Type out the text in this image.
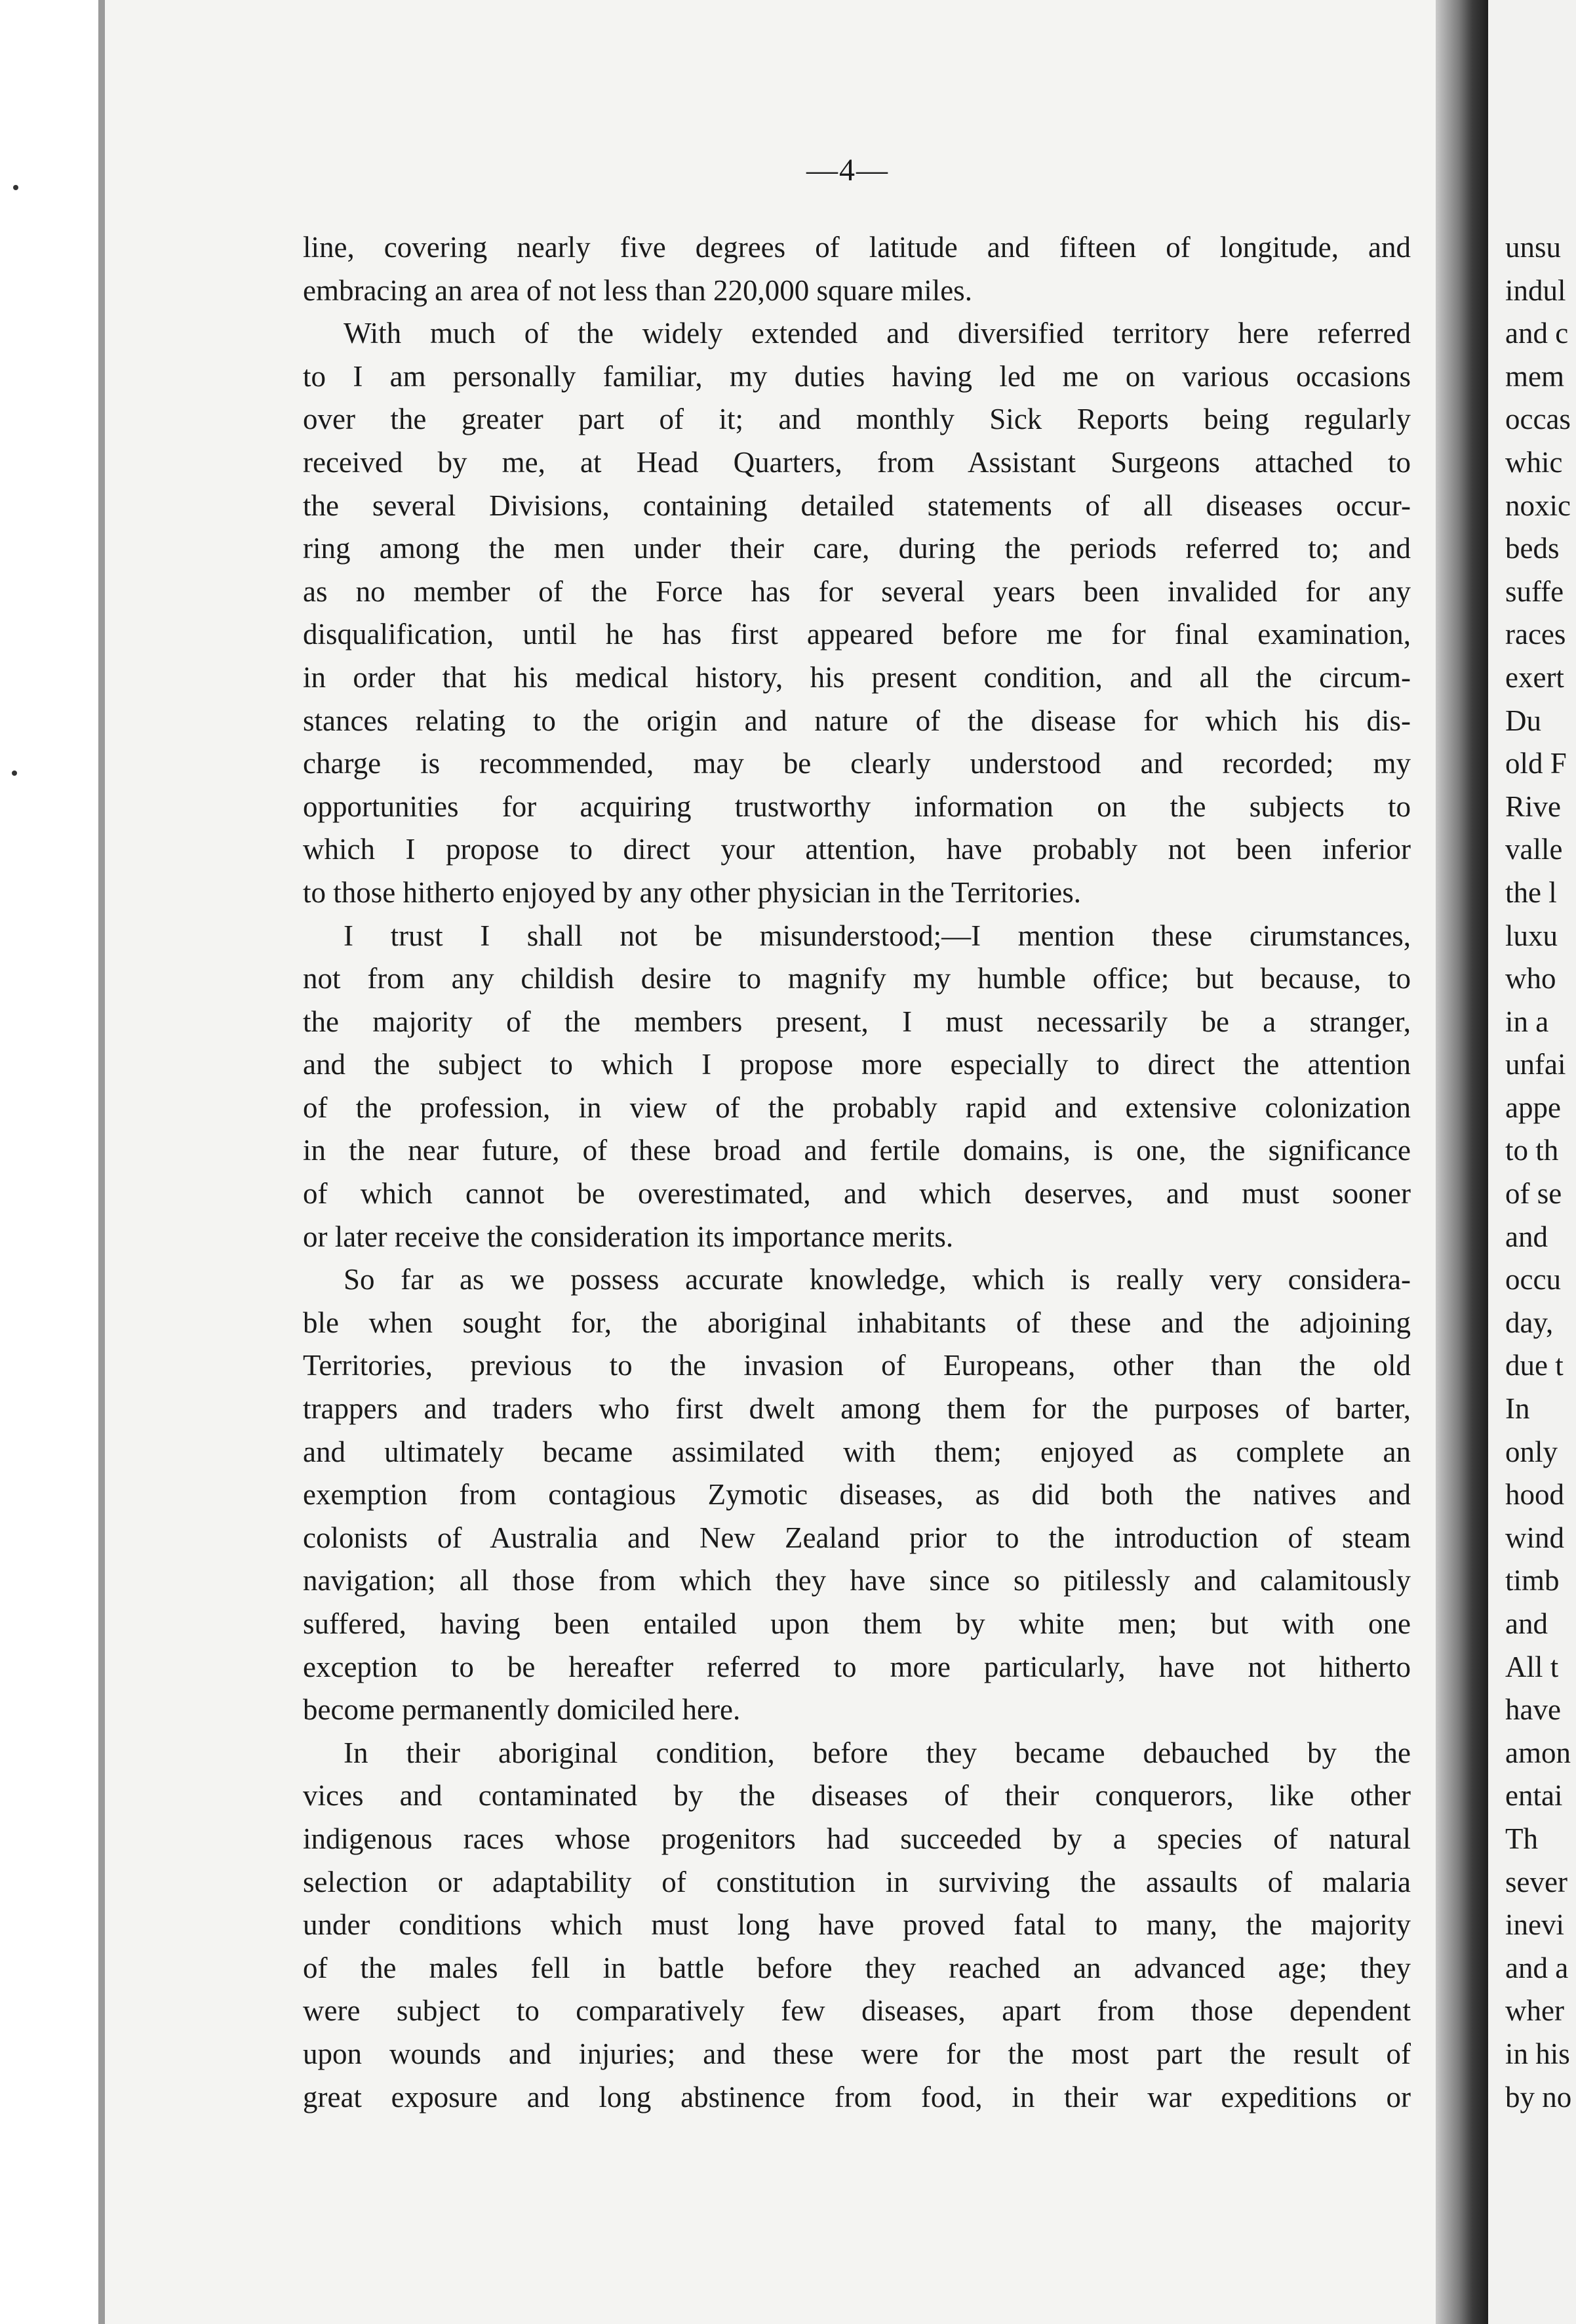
—4—
line, covering nearly five degrees of latitude and fifteen of longitude, and
embracing an area of not less than 220,000 square miles.
With much of the widely extended and diversified territory here referred
to I am personally familiar, my duties having led me on various occasions
over the greater part of it; and monthly Sick Reports being regularly
received by me, at Head Quarters, from Assistant Surgeons attached to
the several Divisions, containing detailed statements of all diseases occur-
ring among the men under their care, during the periods referred to; and
as no member of the Force has for several years been invalided for any
disqualification, until he has first appeared before me for final examination,
in order that his medical history, his present condition, and all the circum-
stances relating to the origin and nature of the disease for which his dis-
charge is recommended, may be clearly understood and recorded; my
opportunities for acquiring trustworthy information on the subjects to
which I propose to direct your attention, have probably not been inferior
to those hitherto enjoyed by any other physician in the Territories.
I trust I shall not be misunderstood;—I mention these cirumstances,
not from any childish desire to magnify my humble office; but because, to
the majority of the members present, I must necessarily be a stranger,
and the subject to which I propose more especially to direct the attention
of the profession, in view of the probably rapid and extensive colonization
in the near future, of these broad and fertile domains, is one, the significance
of which cannot be overestimated, and which deserves, and must sooner
or later receive the consideration its importance merits.
So far as we possess accurate knowledge, which is really very considera-
ble when sought for, the aboriginal inhabitants of these and the adjoining
Territories, previous to the invasion of Europeans, other than the old
trappers and traders who first dwelt among them for the purposes of barter,
and ultimately became assimilated with them; enjoyed as complete an
exemption from contagious Zymotic diseases, as did both the natives and
colonists of Australia and New Zealand prior to the introduction of steam
navigation; all those from which they have since so pitilessly and calamitously
suffered, having been entailed upon them by white men; but with one
exception to be hereafter referred to more particularly, have not hitherto
become permanently domiciled here.
In their aboriginal condition, before they became debauched by the
vices and contaminated by the diseases of their conquerors, like other
indigenous races whose progenitors had succeeded by a species of natural
selection or adaptability of constitution in surviving the assaults of malaria
under conditions which must long have proved fatal to many, the majority
of the males fell in battle before they reached an advanced age; they
were subject to comparatively few diseases, apart from those dependent
upon wounds and injuries; and these were for the most part the result of
great exposure and long abstinence from food, in their war expeditions or
unsu
indul
and c
mem
occas
whic
noxic
beds
suffe
races
exert
Du
old F
Rive
valle
the l
luxu
who
in a
unfai
appe
to th
of se
and
occu
day,
due t
In
only
hood
wind
timb
and
All t
have
amon
entai
Th
sever
inevi
and a
wher
in his
by no
